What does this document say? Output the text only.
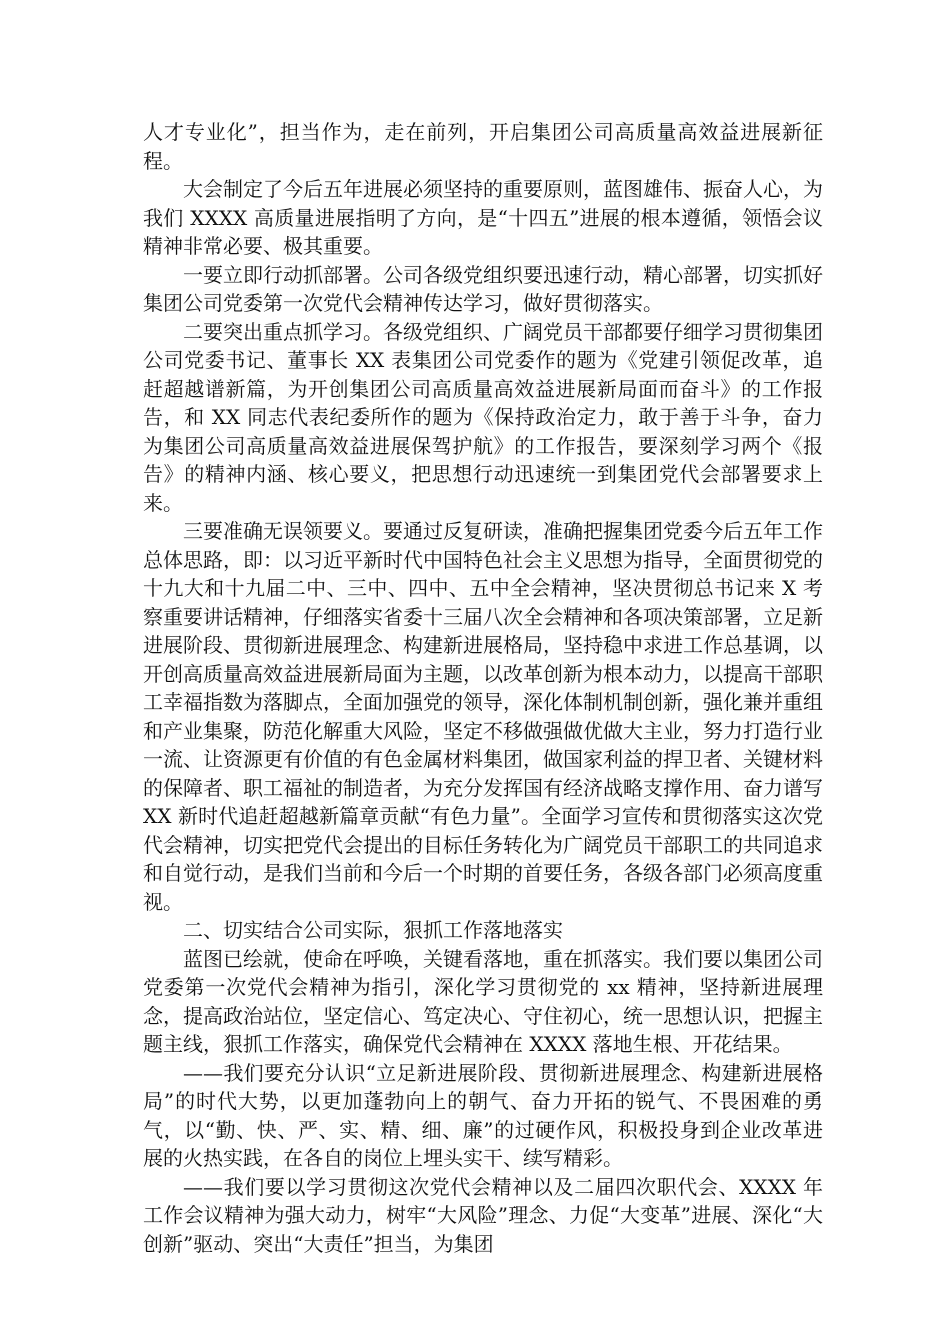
人才专业化”，担当作为，走在前列，开启集团公司高质量高效益进展新征程。

大会制定了今后五年进展必须坚持的重要原则，蓝图雄伟、振奋人心，为我们 XXXX 高质量进展指明了方向，是“十四五”进展的根本遵循，领悟会议精神非常必要、极其重要。

一要立即行动抓部署。公司各级党组织要迅速行动，精心部署，切实抓好集团公司党委第一次党代会精神传达学习，做好贯彻落实。

二要突出重点抓学习。各级党组织、广阔党员干部都要仔细学习贯彻集团公司党委书记、董事长 XX 表集团公司党委作的题为《党建引领促改革，追赶超越谱新篇，为开创集团公司高质量高效益进展新局面而奋斗》的工作报告，和 XX 同志代表纪委所作的题为《保持政治定力，敢于善于斗争，奋力为集团公司高质量高效益进展保驾护航》的工作报告，要深刻学习两个《报告》的精神内涵、核心要义，把思想行动迅速统一到集团党代会部署要求上来。

三要准确无误领要义。要通过反复研读，准确把握集团党委今后五年工作总体思路，即：以习近平新时代中国特色社会主义思想为指导，全面贯彻党的十九大和十九届二中、三中、四中、五中全会精神，坚决贯彻总书记来 X 考察重要讲话精神，仔细落实省委十三届八次全会精神和各项决策部署，立足新进展阶段、贯彻新进展理念、构建新进展格局，坚持稳中求进工作总基调，以开创高质量高效益进展新局面为主题，以改革创新为根本动力，以提高干部职工幸福指数为落脚点，全面加强党的领导，深化体制机制创新，强化兼并重组和产业集聚，防范化解重大风险，坚定不移做强做优做大主业，努力打造行业一流、让资源更有价值的有色金属材料集团，做国家利益的捍卫者、关键材料的保障者、职工福祉的制造者，为充分发挥国有经济战略支撑作用、奋力谱写 XX 新时代追赶超越新篇章贡献“有色力量”。全面学习宣传和贯彻落实这次党代会精神，切实把党代会提出的目标任务转化为广阔党员干部职工的共同追求和自觉行动，是我们当前和今后一个时期的首要任务，各级各部门必须高度重视。

二、切实结合公司实际，狠抓工作落地落实

蓝图已绘就，使命在呼唤，关键看落地，重在抓落实。我们要以集团公司党委第一次党代会精神为指引，深化学习贯彻党的 xx 精神，坚持新进展理念，提高政治站位，坚定信心、笃定决心、守住初心，统一思想认识，把握主题主线，狠抓工作落实，确保党代会精神在 XXXX 落地生根、开花结果。

——我们要充分认识“立足新进展阶段、贯彻新进展理念、构建新进展格局”的时代大势，以更加蓬勃向上的朝气、奋力开拓的锐气、不畏困难的勇气，以“勤、快、严、实、精、细、廉”的过硬作风，积极投身到企业改革进展的火热实践，在各自的岗位上埋头实干、续写精彩。

——我们要以学习贯彻这次党代会精神以及二届四次职代会、XXXX 年工作会议精神为强大动力，树牢“大风险”理念、力促“大变革”进展、深化“大创新”驱动、突出“大责任”担当，为集团
